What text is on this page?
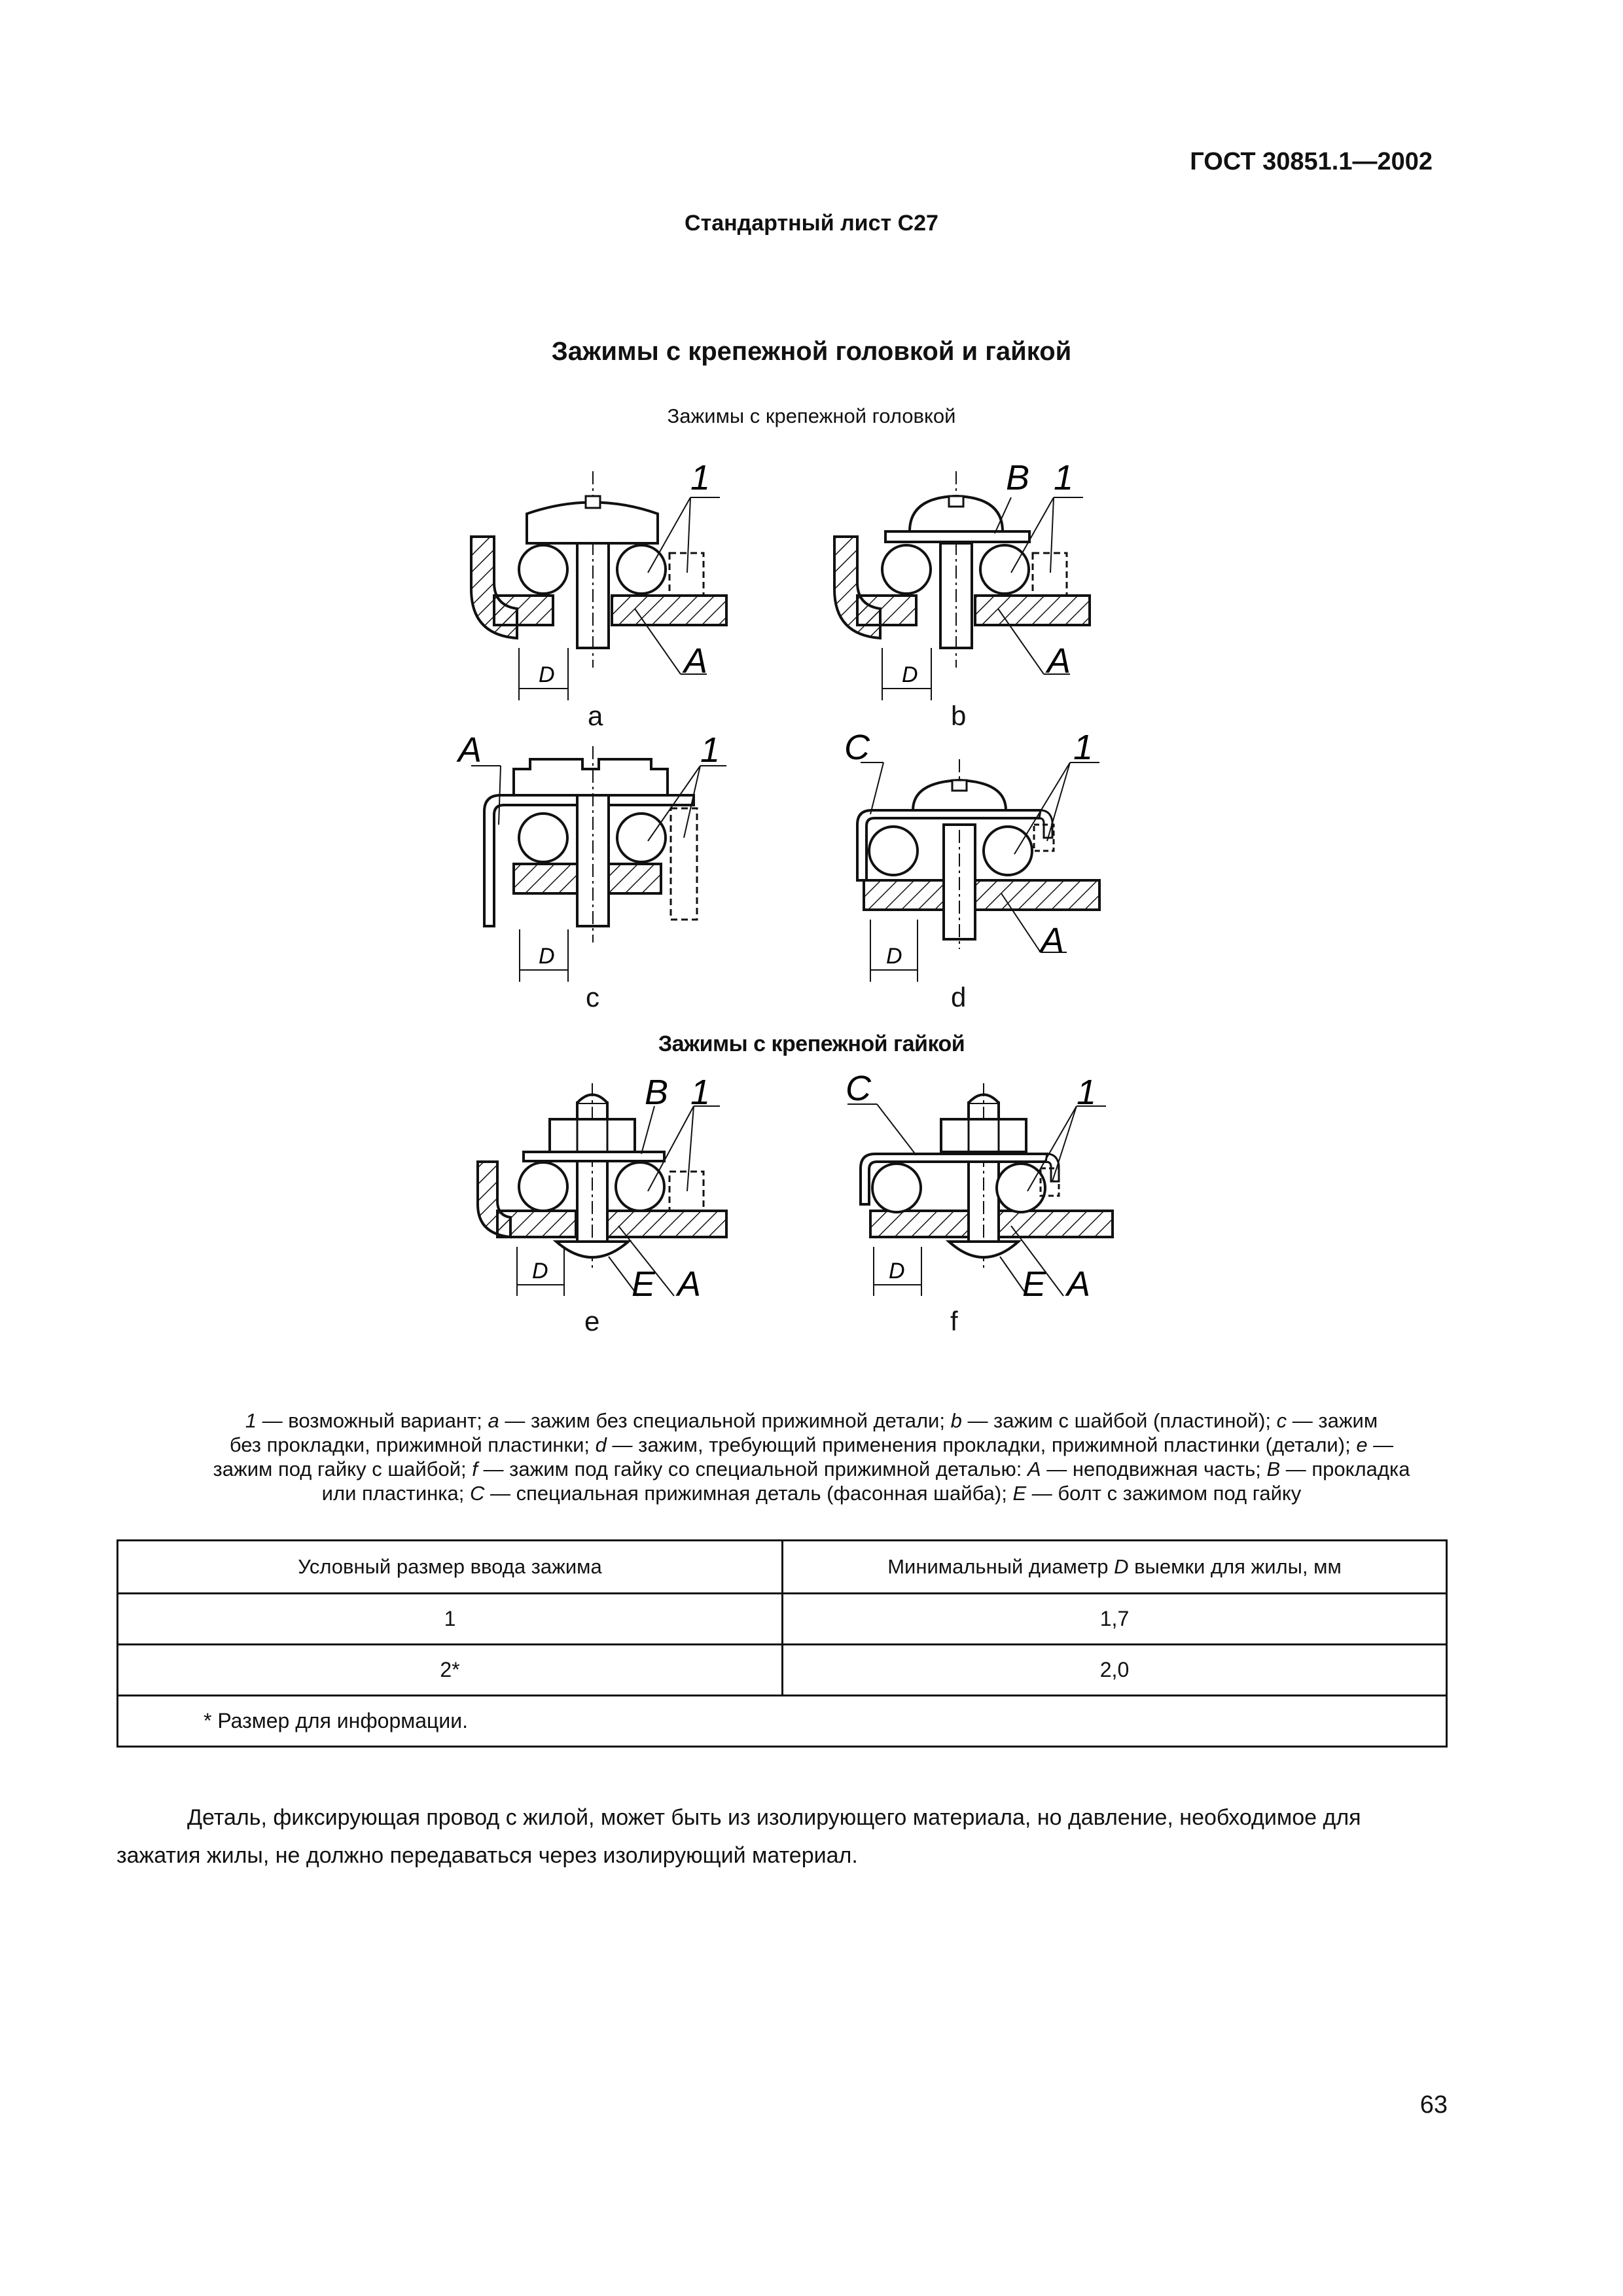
ГОСТ 30851.1—2002
Стандартный лист С27
Зажимы с крепежной головкой и гайкой
Зажимы с крепежной головкой
D
1
A
a
D
B 1
A
b
D
A	1
c
D
C	1
A
d
Зажимы с крепежной гайкой
D
B 1
E A
e
D
C	1
E A
f
1 — возможный вариант; a — зажим без специальной прижимной детали; b — зажим с шайбой (пластиной); c — зажим
без прокладки, прижимной пластинки; d — зажим, требующий применения прокладки, прижимной пластинки (детали); e —
зажим под гайку с шайбой; f — зажим под гайку со специальной прижимной деталью: A — неподвижная часть; B — прокладка
или пластинка; C — специальная прижимная деталь (фасонная шайба); E — болт с зажимом под гайку
Условный размер ввода зажима	Минимальный диаметр D выемки для жилы, мм
1	1,7
2*	2,0
* Размер для информации.	
Деталь, фиксирующая провод с жилой, может быть из изолирующего материала, но давление, необходимое для зажатия жилы, не должно передаваться через изолирующий материал.
63
